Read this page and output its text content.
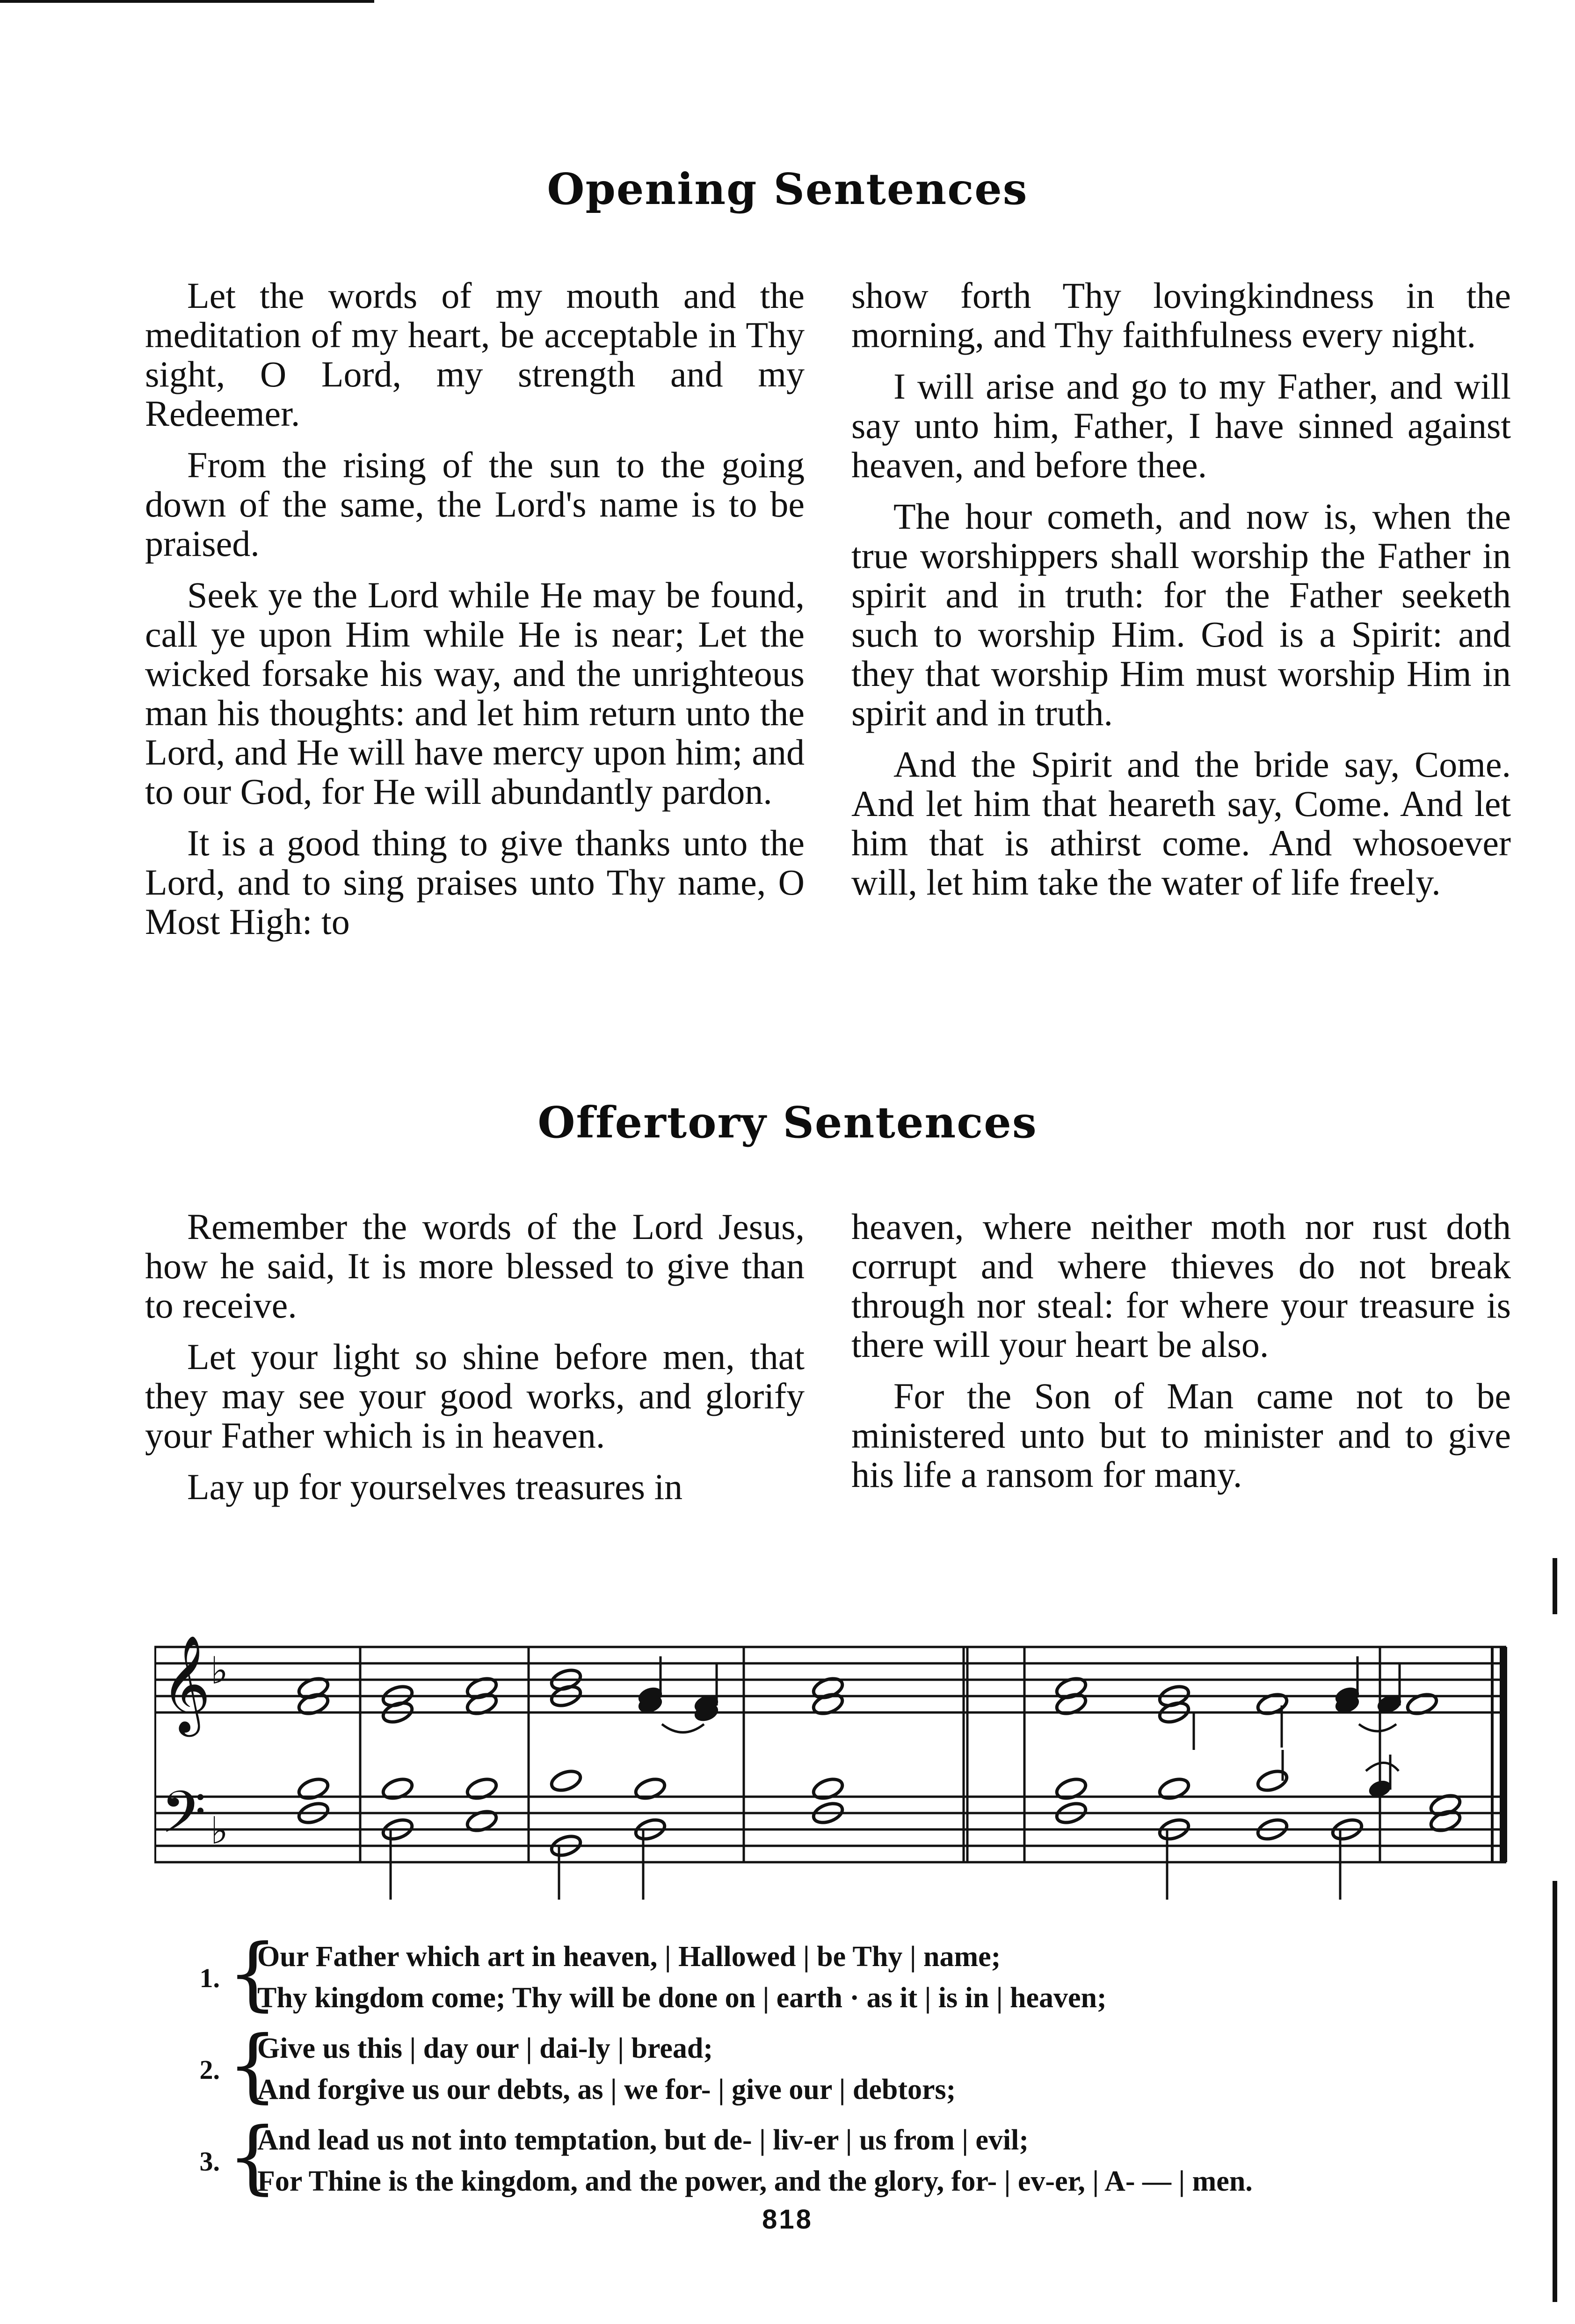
Opening Sentences

Let the words of my mouth and the meditation of my heart, be acceptable in Thy sight, O Lord, my strength and my Redeemer.

From the rising of the sun to the going down of the same, the Lord's name is to be praised.

Seek ye the Lord while He may be found, call ye upon Him while He is near; Let the wicked forsake his way, and the unrighteous man his thoughts: and let him return unto the Lord, and He will have mercy upon him; and to our God, for He will abundantly pardon.

It is a good thing to give thanks unto the Lord, and to sing praises unto Thy name, O Most High: to

show forth Thy lovingkindness in the morning, and Thy faithfulness every night.

I will arise and go to my Father, and will say unto him, Father, I have sinned against heaven, and before thee.

The hour cometh, and now is, when the true worshippers shall worship the Father in spirit and in truth: for the Father seeketh such to worship Him. God is a Spirit: and they that worship Him must worship Him in spirit and in truth.

And the Spirit and the bride say, Come. And let him that heareth say, Come. And let him that is athirst come. And whosoever will, let him take the water of life freely.

Offertory Sentences

Remember the words of the Lord Jesus, how he said, It is more blessed to give than to receive.

Let your light so shine before men, that they may see your good works, and glorify your Father which is in heaven.

Lay up for yourselves treasures in

heaven, where neither moth nor rust doth corrupt and where thieves do not break through nor steal: for where your treasure is there will your heart be also.

For the Son of Man came not to be ministered unto but to minister and to give his life a ransom for many.

𝄞
𝄢
♭
♭
1. {
Our Father which art in heaven, | Hallowed | be Thy | name;
Thy kingdom come; Thy will be done on | earth · as it | is in | heaven;
2. {
Give us this | day our | dai-ly | bread;
And forgive us our debts, as | we for- | give our | debtors;
3. {
And lead us not into temptation, but de- | liv-er | us from | evil;
For Thine is the kingdom, and the power, and the glory, for- | ev-er, | A- — | men.
818
